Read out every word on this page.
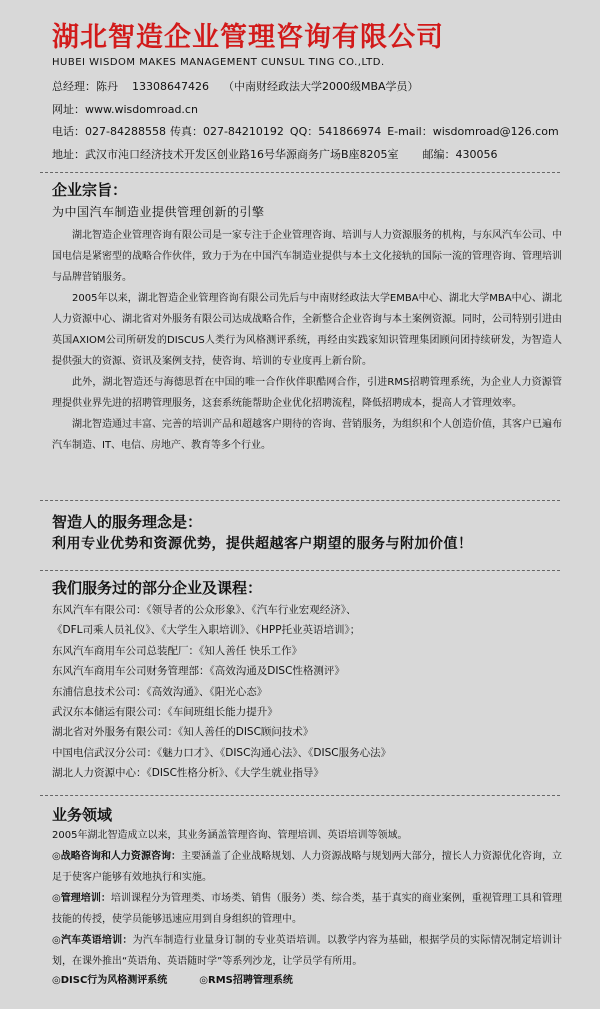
湖北智造企业管理咨询有限公司
HUBEI WISDOM MAKES MANAGEMENT CUNSUL TING CO.,LTD.
总经理：陈丹 13308647426 （中南财经政法大学2000级MBA学员）
网址：www.wisdomroad.cn
电话：027-84288558 传真：027-84210192 QQ：541866974 E-mail：wisdomroad@126.com
地址：武汉市沌口经济技术开发区创业路16号华源商务广场B座8205室 邮编：430056
企业宗旨：
为中国汽车制造业提供管理创新的引擎

湖北智造企业管理咨询有限公司是一家专注于企业管理咨询、培训与人力资源服务的机构，与东风汽车公司、中国电信是紧密型的战略合作伙伴，致力于为在中国汽车制造业提供与本土文化接轨的国际一流的管理咨询、管理培训与品牌营销服务。

2005年以来，湖北智造企业管理咨询有限公司先后与中南财经政法大学EMBA中心、湖北大学MBA中心、湖北人力资源中心、湖北省对外服务有限公司达成战略合作，全新整合企业咨询与本土案例资源。同时，公司特别引进由英国AXIOM公司所研发的DISCUS人类行为风格测评系统，再经由实践家知识管理集团顾问团持续研发，为智造人提供强大的资源、资讯及案例支持，使咨询、培训的专业度再上新台阶。

此外，湖北智造还与海德思哲在中国的唯一合作伙伴职酷网合作，引进RMS招聘管理系统，为企业人力资源管理提供业界先进的招聘管理服务，这套系统能帮助企业优化招聘流程，降低招聘成本，提高人才管理效率。

湖北智造通过丰富、完善的培训产品和超越客户期待的咨询、营销服务，为组织和个人创造价值，其客户已遍布汽车制造、IT、电信、房地产、教育等多个行业。

智造人的服务理念是：
利用专业优势和资源优势，提供超越客户期望的服务与附加价值！
我们服务过的部分企业及课程：
东风汽车有限公司：《领导者的公众形象》、《汽车行业宏观经济》、
《DFL司乘人员礼仪》、《大学生入职培训》、《HPP托业英语培训》；
东风汽车商用车公司总装配厂：《知人善任 快乐工作》
东风汽车商用车公司财务管理部：《高效沟通及DISC性格测评》
东浦信息技术公司：《高效沟通》、《阳光心态》
武汉东本储运有限公司：《车间班组长能力提升》
湖北省对外服务有限公司：《知人善任的DISC顾问技术》
中国电信武汉分公司：《魅力口才》、《DISC沟通心法》、《DISC服务心法》
湖北人力资源中心：《DISC性格分析》、《大学生就业指导》
业务领域

2005年湖北智造成立以来，其业务涵盖管理咨询、管理培训、英语培训等领域。

◎战略咨询和人力资源咨询：主要涵盖了企业战略规划、人力资源战略与规划两大部分，擅长人力资源优化咨询，立足于使客户能够有效地执行和实施。

◎管理培训：培训课程分为管理类、市场类、销售（服务）类、综合类，基于真实的商业案例，重视管理工具和管理技能的传授，使学员能够迅速应用到自身组织的管理中。

◎汽车英语培训：为汽车制造行业量身订制的专业英语培训。以教学内容为基础，根据学员的实际情况制定培训计划，在课外推出“英语角、英语随时学”等系列沙龙，让学员学有所用。

◎DISC行为风格测评系统	◎RMS招聘管理系统
